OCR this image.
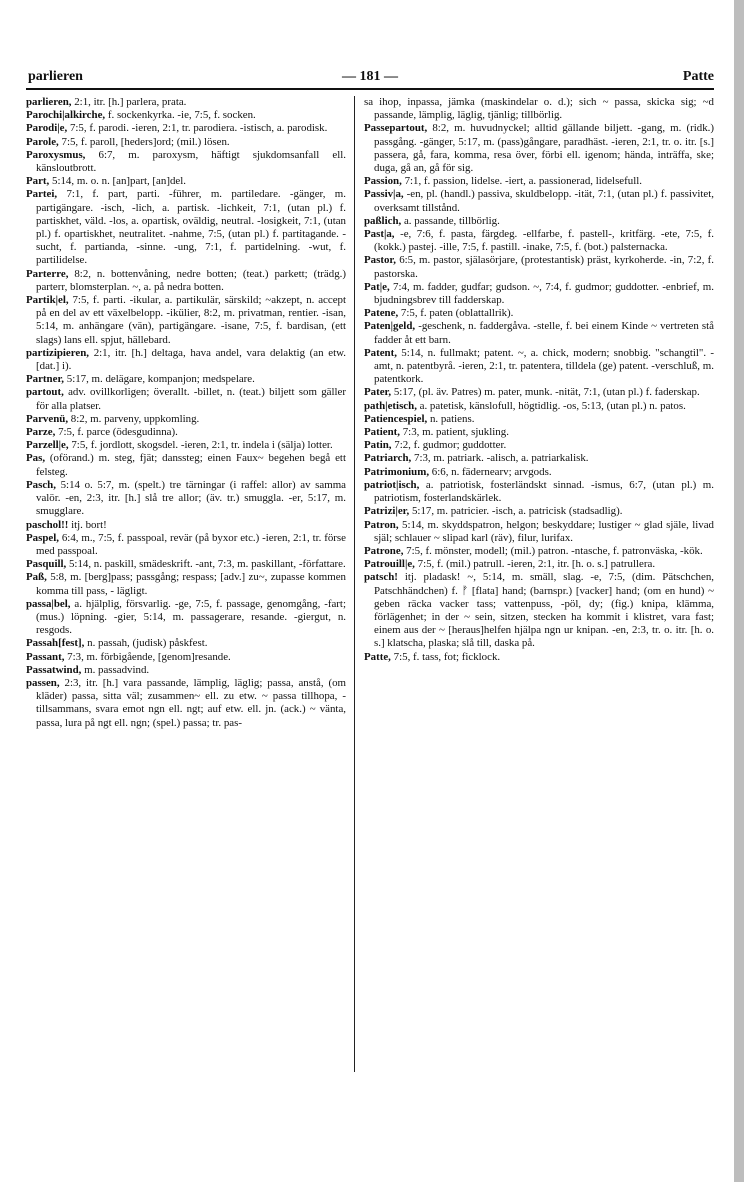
parlieren	— 181 —	Patte

parlieren, 2:1, itr. [h.] parlera, prata.

Parochi|alkirche, f. sockenkyrka. -ie, 7:5, f. socken.

Parodi|e, 7:5, f. parodi. -ieren, 2:1, tr. parodiera. -istisch, a. parodisk.

Parole, 7:5, f. paroll, [heders]ord; (mil.) lösen.

Paroxysmus, 6:7, m. paroxysm, häftigt sjukdomsanfall ell. känsloutbrott.

Part, 5:14, m. o. n. [an]part, [an]del.

Partei, 7:1, f. part, parti. -führer, m. partiledare. -gänger, m. partigängare. -isch, -lich, a. partisk. -lichkeit, 7:1, (utan pl.) f. partiskhet, väld. -los, a. opartisk, oväldig, neutral. -losigkeit, 7:1, (utan pl.) f. opartiskhet, neutralitet. -nahme, 7:5, (utan pl.) f. partitagande. -sucht, f. partianda, -sinne. -ung, 7:1, f. partidelning. -wut, f. partilidelse.

Parterre, 8:2, n. bottenvåning, nedre botten; (teat.) parkett; (trädg.) parterr, blomsterplan. ~, a. på nedra botten.

Partik|el, 7:5, f. parti. -ikular, a. partikulär, särskild; ~akzept, n. accept på en del av ett växelbelopp. -ikülier, 8:2, m. privatman, rentier. -isan, 5:14, m. anhängare (vän), partigängare. -isane, 7:5, f. bardisan, (ett slags) lans ell. spjut, hällebard.

partizipieren, 2:1, itr. [h.] deltaga, hava andel, vara delaktig (an etw. [dat.] i).

Partner, 5:17, m. delägare, kompanjon; medspelare.

partout, adv. ovillkorligen; överallt. -billet, n. (teat.) biljett som gäller för alla platser.

Parvenü, 8:2, m. parveny, uppkomling.

Parze, 7:5, f. parce (ödesgudinna).

Parzell|e, 7:5, f. jordlott, skogsdel. -ieren, 2:1, tr. indela i (sälja) lotter.

Pas, (oförand.) m. steg, fjät; danssteg; einen Faux~ begehen begå ett felsteg.

Pasch, 5:14 o. 5:7, m. (spelt.) tre tärningar (i raffel: allor) av samma valör. -en, 2:3, itr. [h.] slå tre allor; (äv. tr.) smuggla. -er, 5:17, m. smugglare.

paschol!! itj. bort!

Paspel, 6:4, m., 7:5, f. passpoal, revär (på byxor etc.) -ieren, 2:1, tr. förse med passpoal.

Pasquill, 5:14, n. paskill, smädeskrift. -ant, 7:3, m. paskillant, -författare.

Paß, 5:8, m. [berg]pass; passgång; respass; [adv.] zu~, zupasse kommen komma till pass, - lägligt.

passa|bel, a. hjälplig, försvarlig. -ge, 7:5, f. passage, genomgång, -fart; (mus.) löpning. -gier, 5:14, m. passagerare, resande. -giergut, n. resgods.

Passah[fest], n. passah, (judisk) påskfest.

Passant, 7:3, m. förbigående, [genom]resande.

Passatwind, m. passadvind.

passen, 2:3, itr. [h.] vara passande, lämplig, läglig; passa, anstå, (om kläder) passa, sitta väl; zusammen~ ell. zu etw. ~ passa tillhopa, - tillsammans, svara emot ngn ell. ngt; auf etw. ell. jn. (ack.) ~ vänta, passa, lura på ngt ell. ngn; (spel.) passa; tr. pas-

sa ihop, inpassa, jämka (maskindelar o. d.); sich ~ passa, skicka sig; ~d passande, lämplig, läglig, tjänlig; tillbörlig.

Passepartout, 8:2, m. huvudnyckel; alltid gällande biljett. -gang, m. (ridk.) passgång. -gänger, 5:17, m. (pass)gångare, paradhäst. -ieren, 2:1, tr. o. itr. [s.] passera, gå, fara, komma, resa över, förbi ell. igenom; hända, inträffa, ske; duga, gå an, gå för sig.

Passion, 7:1, f. passion, lidelse. -iert, a. passionerad, lidelsefull.

Passiv|a, -en, pl. (handl.) passiva, skuldbelopp. -ität, 7:1, (utan pl.) f. passivitet, overksamt tillstånd.

paßlich, a. passande, tillbörlig.

Past|a, -e, 7:6, f. pasta, färgdeg. -ellfarbe, f. pastell-, kritfärg. -ete, 7:5, f. (kokk.) pastej. -ille, 7:5, f. pastill. -inake, 7:5, f. (bot.) palsternacka.

Pastor, 6:5, m. pastor, själasörjare, (protestantisk) präst, kyrkoherde. -in, 7:2, f. pastorska.

Pat|e, 7:4, m. fadder, gudfar; gudson. ~, 7:4, f. gudmor; guddotter. -enbrief, m. bjudningsbrev till fadderskap.

Patene, 7:5, f. paten (oblattallrik).

Paten|geld, -geschenk, n. faddergåva. -stelle, f. bei einem Kinde ~ vertreten stå fadder åt ett barn.

Patent, 5:14, n. fullmakt; patent. ~, a. chick, modern; snobbig. "schangtil". -amt, n. patentbyrå. -ieren, 2:1, tr. patentera, tilldela (ge) patent. -verschluß, m. patentkork.

Pater, 5:17, (pl. äv. Patres) m. pater, munk. -nität, 7:1, (utan pl.) f. faderskap.

path|etisch, a. patetisk, känslofull, högtidlig. -os, 5:13, (utan pl.) n. patos.

Patiencespiel, n. patiens.

Patient, 7:3, m. patient, sjukling.

Patin, 7:2, f. gudmor; guddotter.

Patriarch, 7:3, m. patriark. -alisch, a. patriarkalisk.

Patrimonium, 6:6, n. fädernearv; arvgods.

patriot|isch, a. patriotisk, fosterländskt sinnad. -ismus, 6:7, (utan pl.) m. patriotism, fosterlandskärlek.

Patrizi|er, 5:17, m. patricier. -isch, a. patricisk (stadsadlig).

Patron, 5:14, m. skyddspatron, helgon; beskyddare; lustiger ~ glad själe, livad själ; schlauer ~ slipad karl (räv), filur, lurifax.

Patrone, 7:5, f. mönster, modell; (mil.) patron. -ntasche, f. patronväska, -kök.

Patrouill|e, 7:5, f. (mil.) patrull. -ieren, 2:1, itr. [h. o. s.] patrullera.

patsch! itj. pladask! ~, 5:14, m. smäll, slag. -e, 7:5, (dim. Pätschchen, Patschhändchen) f. ᚠ [flata] hand; (barnspr.) [vacker] hand; (om en hund) ~ geben räcka vacker tass; vattenpuss, -pöl, dy; (fig.) knipa, klämma, förlägenhet; in der ~ sein, sitzen, stecken ha kommit i klistret, vara fast; einem aus der ~ [heraus]helfen hjälpa ngn ur knipan. -en, 2:3, tr. o. itr. [h. o. s.] klatscha, plaska; slå till, daska på.

Patte, 7:5, f. tass, fot; ficklock.
